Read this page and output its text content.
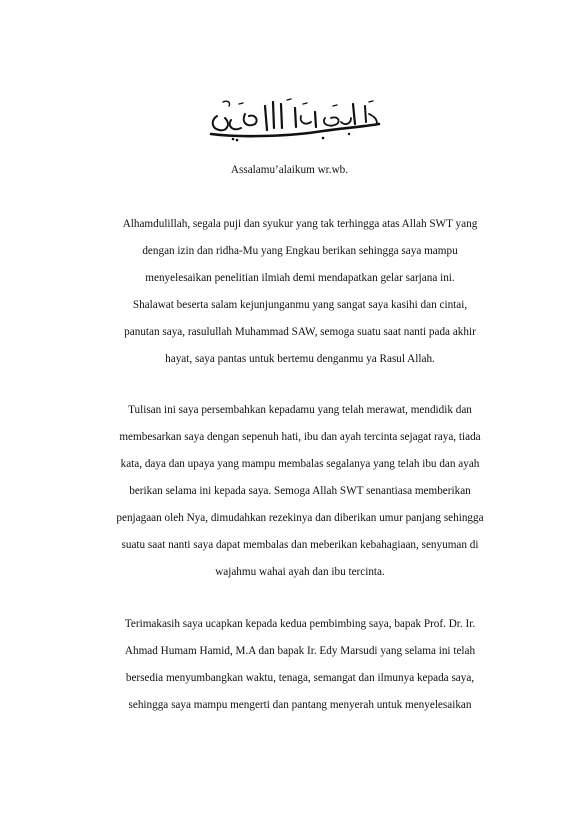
Assalamu’alaikum wr.wb.
Alhamdulillah, segala puji dan syukur yang tak terhingga atas Allah SWT yang
dengan izin dan ridha-Mu yang Engkau berikan sehingga saya mampu
menyelesaikan penelitian ilmiah demi mendapatkan gelar sarjana ini.
Shalawat beserta salam kejunjunganmu yang sangat saya kasihi dan cintai,
panutan saya, rasulullah Muhammad SAW, semoga suatu saat nanti pada akhir
hayat, saya pantas untuk bertemu denganmu ya Rasul Allah.
Tulisan ini saya persembahkan kepadamu yang telah merawat, mendidik dan
membesarkan saya dengan sepenuh hati, ibu dan ayah tercinta sejagat raya, tiada
kata, daya dan upaya yang mampu membalas segalanya yang telah ibu dan ayah
berikan selama ini kepada saya. Semoga Allah SWT senantiasa memberikan
penjagaan oleh Nya, dimudahkan rezekinya dan diberikan umur panjang sehingga
suatu saat nanti saya dapat membalas dan meberikan kebahagiaan, senyuman di
wajahmu wahai ayah dan ibu tercinta.
Terimakasih saya ucapkan kepada kedua pembimbing saya, bapak Prof. Dr. Ir.
Ahmad Humam Hamid, M.A dan bapak Ir. Edy Marsudi yang selama ini telah
bersedia menyumbangkan waktu, tenaga, semangat dan ilmunya kepada saya,
sehingga saya mampu mengerti dan pantang menyerah untuk menyelesaikan
